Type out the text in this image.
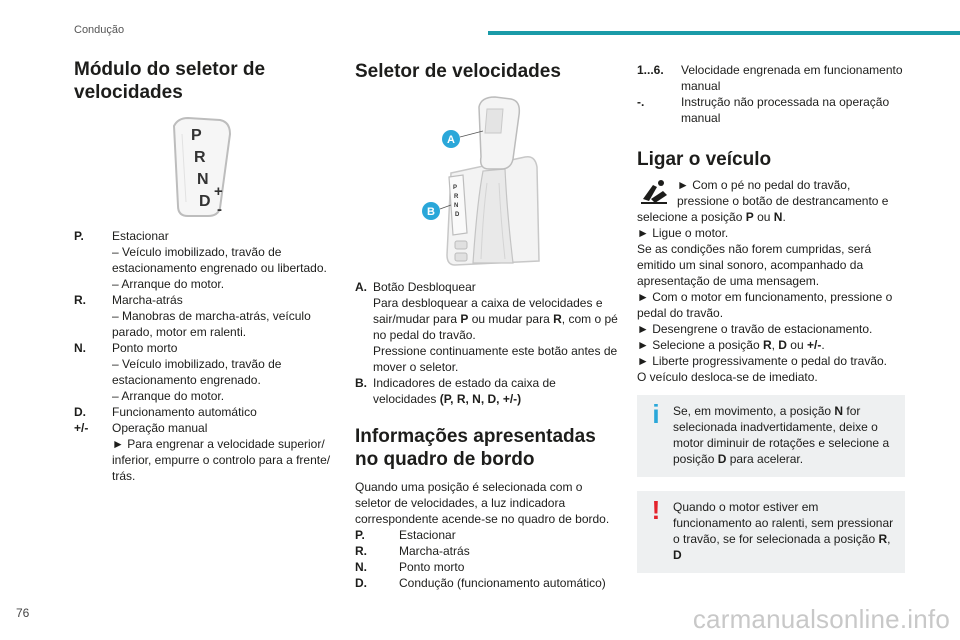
Condução
Módulo do seletor de velocidades
P
R
N
D
+
-
P.	Estacionar

– Veículo imobilizado, travão de estacionamento engrenado ou libertado.

– Arranque do motor.

R.	Marcha-atrás

– Manobras de marcha-atrás, veículo parado, motor em ralenti.

N.	Ponto morto

– Veículo imobilizado, travão de estacionamento engrenado.

– Arranque do motor.

D.	Funcionamento automático

+/-	Operação manual

► Para engrenar a velocidade superior/ inferior, empurre o controlo para a frente/ trás.

Seletor de velocidades
P
R
N
D
A
B
A. Botão Desbloquear

Para desbloquear a caixa de velocidades e sair/mudar para P ou mudar para R, com o pé no pedal do travão.

Pressione continuamente este botão antes de mover o seletor.

B. Indicadores de estado da caixa de velocidades (P, R, N, D, +/-)

Informações apresentadas no quadro de bordo

Quando uma posição é selecionada com o seletor de velocidades, a luz indicadora correspondente acende-se no quadro de bordo.

P.	Estacionar
R.	Marcha-atrás
N.	Ponto morto
D.	Condução (funcionamento automático)
1...6.	Velocidade engrenada em funcionamento manual
-.	Instrução não processada na operação manual
Ligar o veículo

► Com o pé no pedal do travão,

pressione o botão de destrancamento e

selecione a posição P ou N.

► Ligue o motor.

Se as condições não forem cumpridas, será emitido um sinal sonoro, acompanhado da apresentação de uma mensagem.

► Com o motor em funcionamento, pressione o pedal do travão.

► Desengrene o travão de estacionamento.

► Selecione a posição R, D ou +/-.

► Liberte progressivamente o pedal do travão.

O veículo desloca-se de imediato.

i	Se, em movimento, a posição N for selecionada inadvertidamente, deixe o motor diminuir de rotações e selecione a posição D para acelerar.

!	Quando o motor estiver em funcionamento ao ralenti, sem pressionar o travão, se for selecionada a posição R, D

76	carmanualsonline.info
